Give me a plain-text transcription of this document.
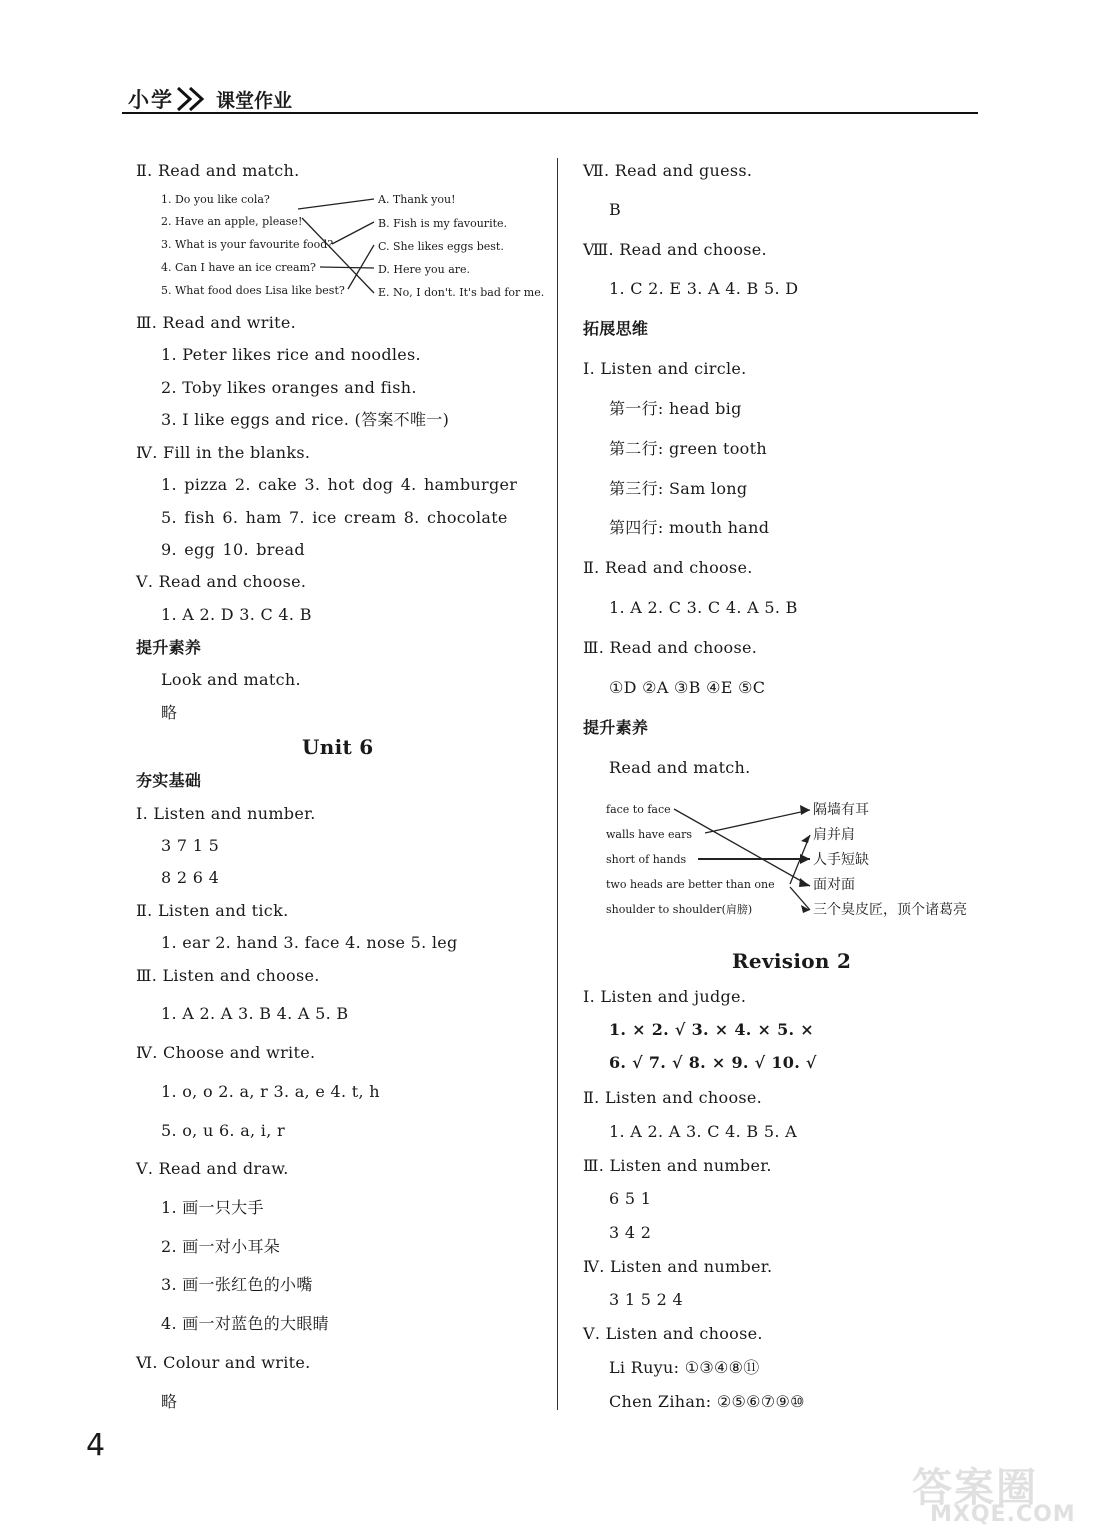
小学 课堂作业
Ⅱ. Read and match.
1. Do you like cola?
2. Have an apple, please!
3. What is your favourite food?
4. Can I have an ice cream?
5. What food does Lisa like best?
A. Thank you!
B. Fish is my favourite.
C. She likes eggs best.
D. Here you are.
E. No, I don't. It's bad for me.
Ⅲ. Read and write.
1. Peter likes rice and noodles.
2. Toby likes oranges and fish.
3. I like eggs and rice. (答案不唯一)
Ⅳ. Fill in the blanks.
1. pizza 2. cake 3. hot dog 4. hamburger
5. fish 6. ham 7. ice cream 8. chocolate
9. egg 10. bread
Ⅴ. Read and choose.
1. A 2. D 3. C 4. B
提升素养
Look and match.
略
Unit 6
夯实基础
Ⅰ. Listen and number.
3 7 1 5
8 2 6 4
Ⅱ. Listen and tick.
1. ear 2. hand 3. face 4. nose 5. leg
Ⅲ. Listen and choose.
1. A 2. A 3. B 4. A 5. B
Ⅳ. Choose and write.
1. o, o 2. a, r 3. a, e 4. t, h
5. o, u 6. a, i, r
Ⅴ. Read and draw.
1. 画一只大手
2. 画一对小耳朵
3. 画一张红色的小嘴
4. 画一对蓝色的大眼睛
Ⅵ. Colour and write.
略
Ⅶ. Read and guess.
B
Ⅷ. Read and choose.
1. C 2. E 3. A 4. B 5. D
拓展思维
Ⅰ. Listen and circle.
第一行: head big
第二行: green tooth
第三行: Sam long
第四行: mouth hand
Ⅱ. Read and choose.
1. A 2. C 3. C 4. A 5. B
Ⅲ. Read and choose.
①D ②A ③B ④E ⑤C
提升素养
Read and match.
face to face
walls have ears
short of hands
two heads are better than one
shoulder to shoulder(肩膀)
隔墙有耳
肩并肩
人手短缺
面对面
三个臭皮匠，顶个诸葛亮
Revision 2
Ⅰ. Listen and judge.
1. × 2. √ 3. × 4. × 5. ×
6. √ 7. √ 8. × 9. √ 10. √
Ⅱ. Listen and choose.
1. A 2. A 3. C 4. B 5. A
Ⅲ. Listen and number.
6 5 1
3 4 2
Ⅳ. Listen and number.
3 1 5 2 4
Ⅴ. Listen and choose.
Li Ruyu: ①③④⑧⑪
Chen Zihan: ②⑤⑥⑦⑨⑩
4
答案圈
MXQE.COM
